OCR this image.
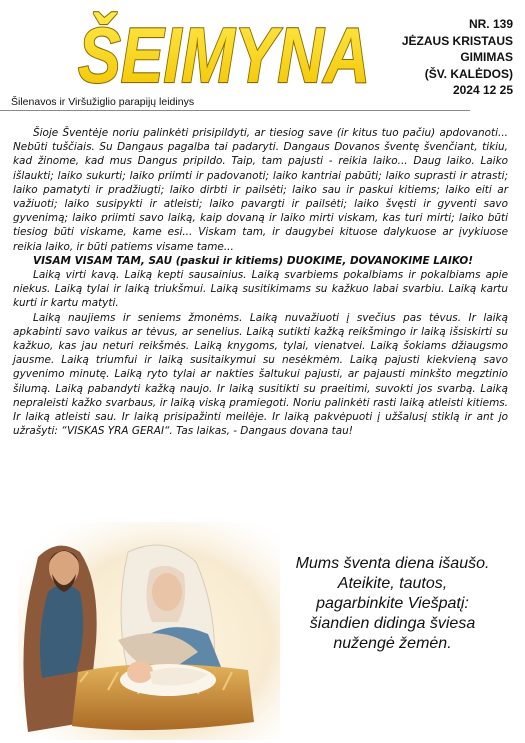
ŠEIMYNA	NR. 139
JĖZAUS KRISTAUS
GIMIMAS
(ŠV. KALĖDOS)
2024 12 25
Šilenavos ir Viršužiglio parapijų leidinys

Šioje Šventėje noriu palinkėti prisipildyti, ar tiesiog save (ir kitus tuo pačiu) apdovanoti... Nebūti tuščiais. Su Dangaus pagalba tai padaryti. Dangaus Dovanos šventę švenčiant, tikiu, kad žinome, kad mus Dangus pripildo. Taip, tam pajusti - reikia laiko... Daug laiko. Laiko išlaukti; laiko sukurti; laiko priimti ir padovanoti; laiko kantriai pabūti; laiko suprasti ir atrasti; laiko pamatyti ir pradžiugti; laiko dirbti ir pailsėti; laiko sau ir paskui kitiems; laiko eiti ar važiuoti; laiko susipykti ir atleisti; laiko pavargti ir pailsėti; laiko švęsti ir gyventi savo gyvenimą; laiko priimti savo laiką, kaip dovaną ir laiko mirti viskam, kas turi mirti; laiko būti tiesiog būti viskame, kame esi... Viskam tam, ir daugybei kituose dalykuose ar įvykiuose reikia laiko, ir būti patiems visame tame...

VISAM VISAM TAM, SAU (paskui ir kitiems) DUOKIME, DOVANOKIME LAIKO!

Laiką virti kavą. Laiką kepti sausainius. Laiką svarbiems pokalbiams ir pokalbiams apie niekus. Laiką tylai ir laiką triukšmui. Laiką susitikimams su kažkuo labai svarbiu. Laiką kartu kurti ir kartu matyti.

Laiką naujiems ir seniems žmonėms. Laiką nuvažiuoti į svečius pas tėvus. Ir laiką apkabinti savo vaikus ar tėvus, ar senelius. Laiką sutikti kažką reikšmingo ir laiką išsiskirti su kažkuo, kas jau neturi reikšmės. Laiką knygoms, tylai, vienatvei. Laiką šokiams džiaugsmo jausme. Laiką triumfui ir laiką susitaikymui su nesėkmėm. Laiką pajusti kiekvieną savo gyvenimo minutę. Laiką ryto tylai ar nakties šaltukui pajusti, ar pajausti minkšto megztinio šilumą. Laiką pabandyti kažką naujo. Ir laiką susitikti su praeitimi, suvokti jos svarbą. Laiką nepraleisti kažko svarbaus, ir laiką viską pramiegoti. Noriu palinkėti rasti laiką atleisti kitiems. Ir laiką atleisti sau. Ir laiką prisipažinti meilėje. Ir laiką pakvėpuoti į užšalusį stiklą ir ant jo užrašyti: “VISKAS YRA GERAI“. Tas laikas, - Dangaus dovana tau!

Mums šventa diena išaušo.
Ateikite, tautos,
pagarbinkite Viešpatį:
šiandien didinga šviesa
nužengė žemėn.
